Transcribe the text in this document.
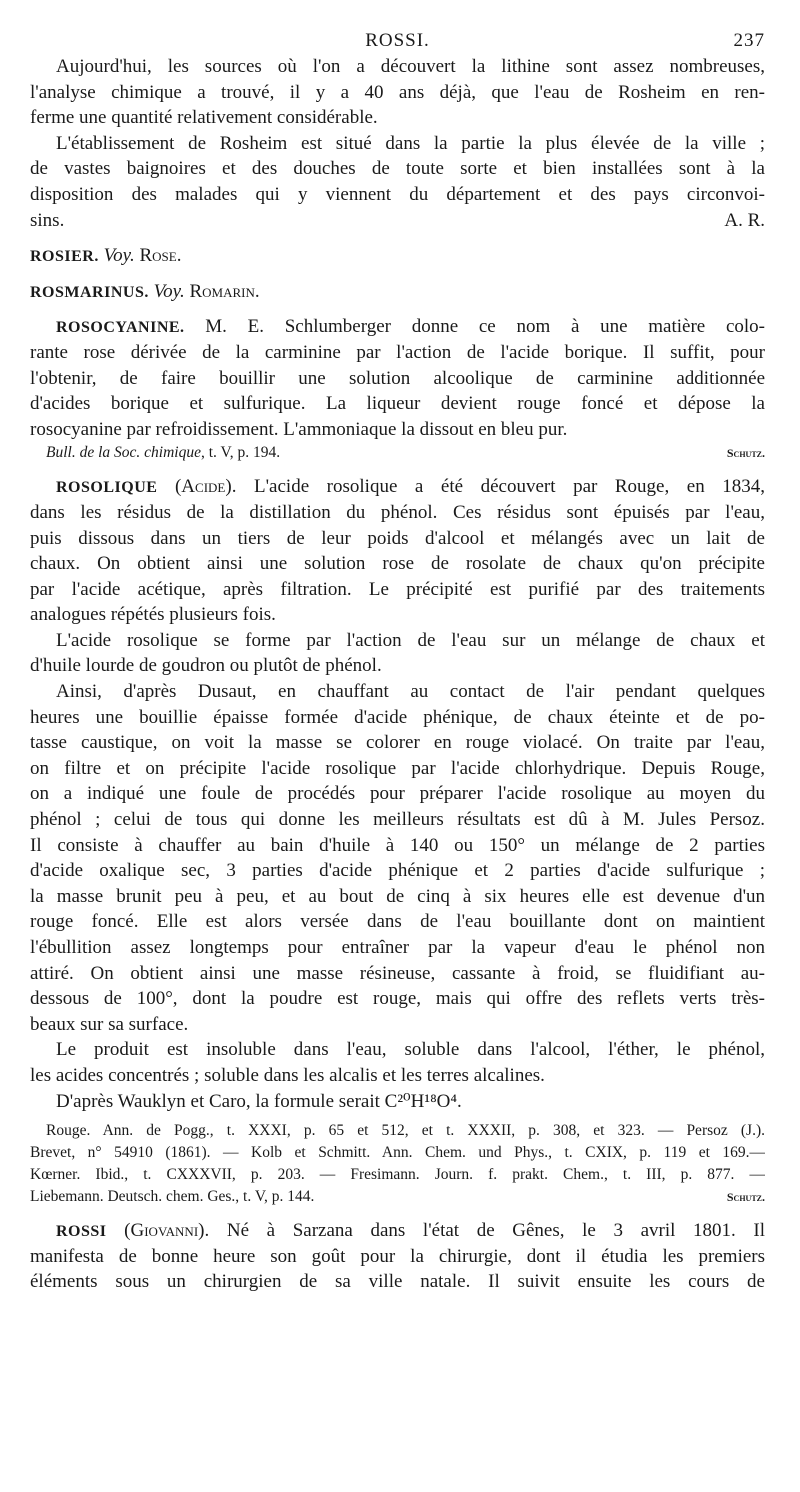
ROSSI.	237
Aujourd'hui, les sources où l'on a découvert la lithine sont assez nombreuses,
l'analyse chimique a trouvé, il y a 40 ans déjà, que l'eau de Rosheim en ren-
ferme une quantité relativement considérable.
L'établissement de Rosheim est situé dans la partie la plus élevée de la ville ;
de vastes baignoires et des douches de toute sorte et bien installées sont à la
disposition des malades qui y viennent du département et des pays circonvoi-
sins.	A. R.
ROSIER. Voy. Rose.
ROSMARINUS. Voy. Romarin.
ROSOCYANINE. M. E. Schlumberger donne ce nom à une matière colo-
rante rose dérivée de la carminine par l'action de l'acide borique. Il suffit, pour
l'obtenir, de faire bouillir une solution alcoolique de carminine additionnée
d'acides borique et sulfurique. La liqueur devient rouge foncé et dépose la
rosocyanine par refroidissement. L'ammoniaque la dissout en bleu pur.
Bull. de la Soc. chimique, t. V, p. 194.	Schutz.
ROSOLIQUE (Acide). L'acide rosolique a été découvert par Rouge, en 1834,
dans les résidus de la distillation du phénol. Ces résidus sont épuisés par l'eau,
puis dissous dans un tiers de leur poids d'alcool et mélangés avec un lait de
chaux. On obtient ainsi une solution rose de rosolate de chaux qu'on précipite
par l'acide acétique, après filtration. Le précipité est purifié par des traitements
analogues répétés plusieurs fois.
L'acide rosolique se forme par l'action de l'eau sur un mélange de chaux et
d'huile lourde de goudron ou plutôt de phénol.
Ainsi, d'après Dusaut, en chauffant au contact de l'air pendant quelques
heures une bouillie épaisse formée d'acide phénique, de chaux éteinte et de po-
tasse caustique, on voit la masse se colorer en rouge violacé. On traite par l'eau,
on filtre et on précipite l'acide rosolique par l'acide chlorhydrique. Depuis Rouge,
on a indiqué une foule de procédés pour préparer l'acide rosolique au moyen du
phénol ; celui de tous qui donne les meilleurs résultats est dû à M. Jules Persoz.
Il consiste à chauffer au bain d'huile à 140 ou 150° un mélange de 2 parties
d'acide oxalique sec, 3 parties d'acide phénique et 2 parties d'acide sulfurique ;
la masse brunit peu à peu, et au bout de cinq à six heures elle est devenue d'un
rouge foncé. Elle est alors versée dans de l'eau bouillante dont on maintient
l'ébullition assez longtemps pour entraîner par la vapeur d'eau le phénol non
attiré. On obtient ainsi une masse résineuse, cassante à froid, se fluidifiant au-
dessous de 100°, dont la poudre est rouge, mais qui offre des reflets verts très-
beaux sur sa surface.
Le produit est insoluble dans l'eau, soluble dans l'alcool, l'éther, le phénol,
les acides concentrés ; soluble dans les alcalis et les terres alcalines.
D'après Wauklyn et Caro, la formule serait C²⁰H¹⁸O⁴.
Rouge. Ann. de Pogg., t. XXXI, p. 65 et 512, et t. XXXII, p. 308, et 323. — Persoz (J.).
Brevet, n° 54910 (1861). — Kolb et Schmitt. Ann. Chem. und Phys., t. CXIX, p. 119 et 169.—
Kœrner. Ibid., t. CXXXVII, p. 203. — Fresimann. Journ. f. prakt. Chem., t. III, p. 877. —
Liebemann. Deutsch. chem. Ges., t. V, p. 144.	Schutz.
ROSSI (Giovanni). Né à Sarzana dans l'état de Gênes, le 3 avril 1801. Il
manifesta de bonne heure son goût pour la chirurgie, dont il étudia les premiers
éléments sous un chirurgien de sa ville natale. Il suivit ensuite les cours de
